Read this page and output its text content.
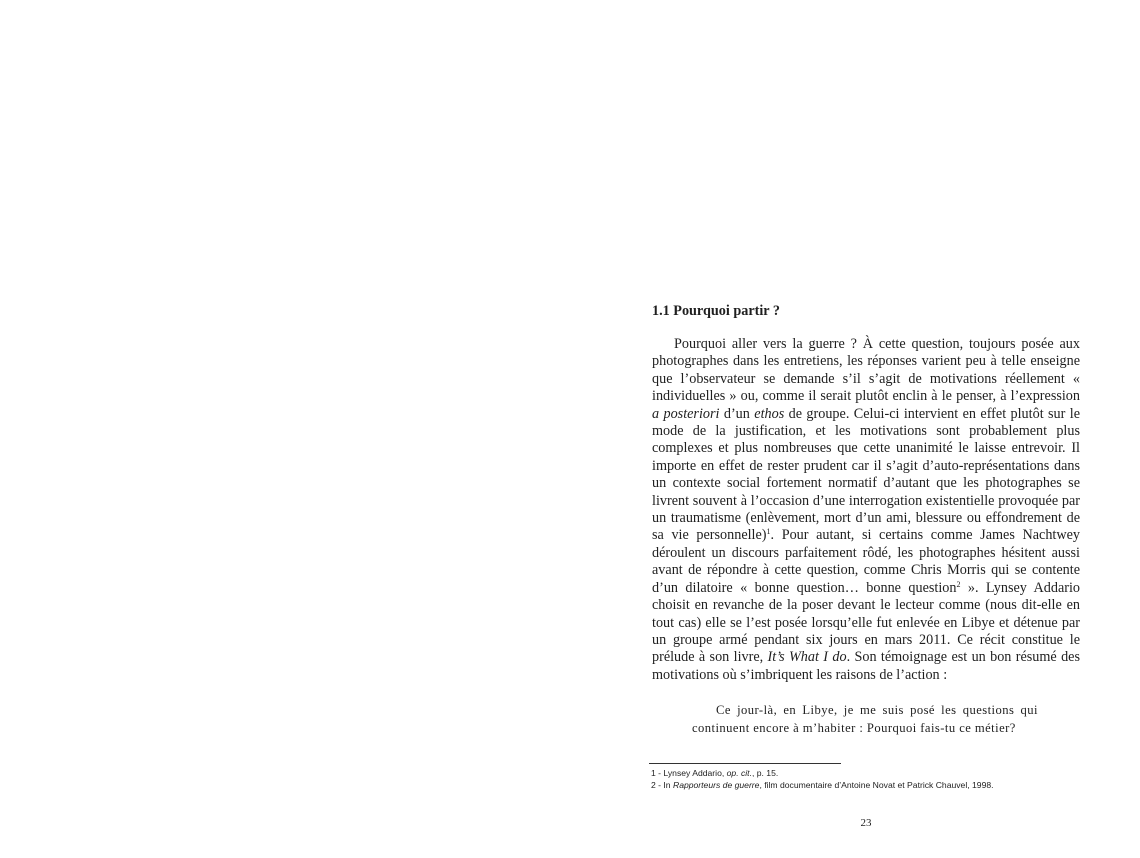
1.1 Pourquoi partir ?

Pourquoi aller vers la guerre ? À cette question, toujours posée aux photographes dans les entretiens, les réponses varient peu à telle enseigne que l’observateur se demande s’il s’agit de motivations réellement « individuelles » ou, comme il serait plutôt enclin à le penser, à l’expression a posteriori d’un ethos de groupe. Celui-ci intervient en effet plutôt sur le mode de la justification, et les motivations sont probablement plus complexes et plus nombreuses que cette unanimité le laisse entrevoir. Il importe en effet de rester prudent car il s’agit d’auto-représentations dans un contexte social fortement normatif d’autant que les photographes se livrent souvent à l’occasion d’une interrogation existentielle provoquée par un traumatisme (enlèvement, mort d’un ami, blessure ou effondrement de sa vie personnelle)$^1$. Pour autant, si certains comme James Nachtwey déroulent un discours parfaitement rôdé, les photographes hésitent aussi avant de répondre à cette question, comme Chris Morris qui se contente d’un dilatoire « bonne question… bonne question$^2$ ». Lynsey Addario choisit en revanche de la poser devant le lecteur comme (nous dit-elle en tout cas) elle se l’est posée lorsqu’elle fut enlevée en Libye et détenue par un groupe armé pendant six jours en mars 2011. Ce récit constitue le prélude à son livre, It’s What I do. Son témoignage est un bon résumé des motivations où s’imbriquent les raisons de l’action :

Ce jour-là, en Libye, je me suis posé les questions qui continuent encore à m’habiter : Pourquoi fais-tu ce métier?

1 - Lynsey Addario, op. cit., p. 15.
2 - In Rapporteurs de guerre, film documentaire d’Antoine Novat et Patrick Chauvel, 1998.
23
